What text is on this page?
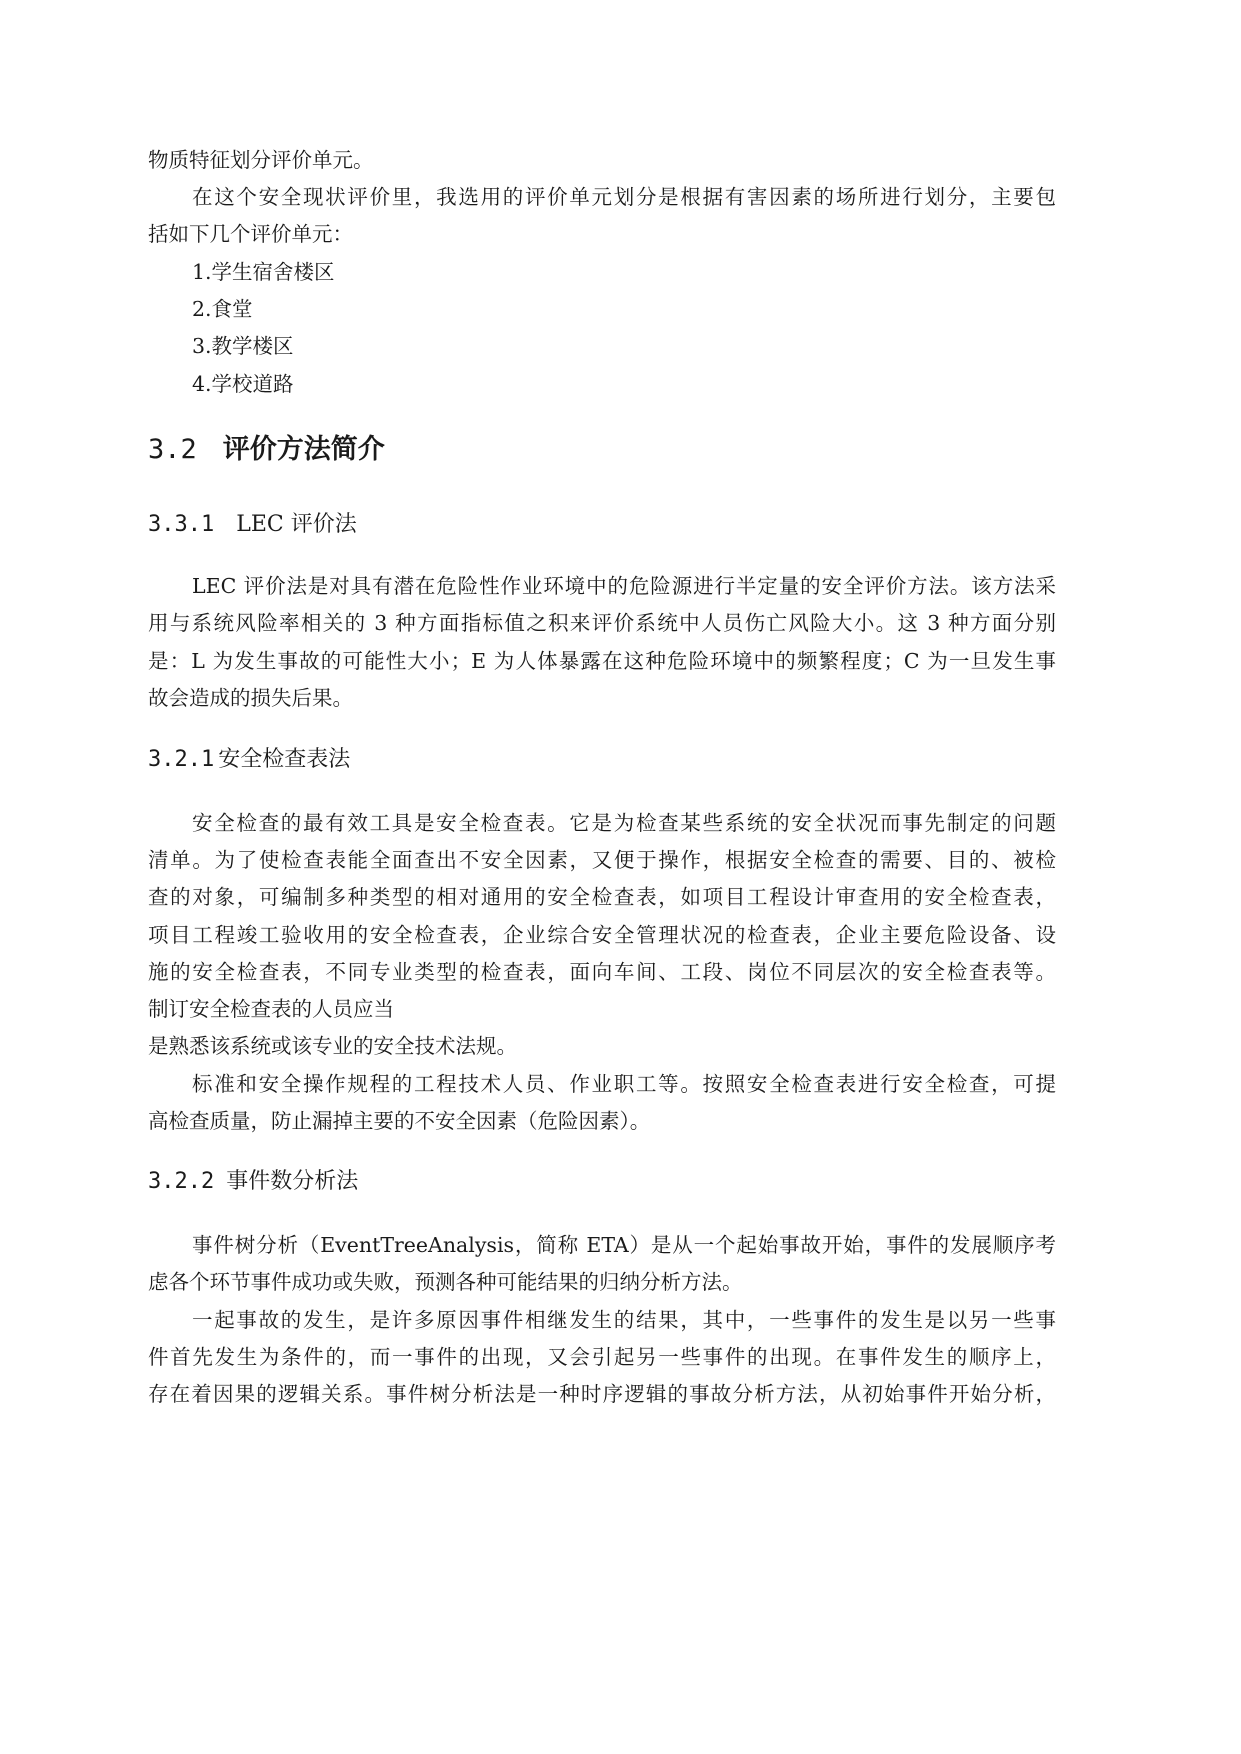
物质特征划分评价单元。
在这个安全现状评价里，我选用的评价单元划分是根据有害因素的场所进行划分，主要包
括如下几个评价单元：
1.学生宿舍楼区
2.食堂
3.教学楼区
4.学校道路
3.2 评价方法简介
3.3.1 LEC 评价法
LEC 评价法是对具有潜在危险性作业环境中的危险源进行半定量的安全评价方法。该方法采
用与系统风险率相关的 3 种方面指标值之积来评价系统中人员伤亡风险大小。这 3 种方面分别
是：L 为发生事故的可能性大小；E 为人体暴露在这种危险环境中的频繁程度；C 为一旦发生事
故会造成的损失后果。
3.2.1 安全检查表法
安全检查的最有效工具是安全检查表。它是为检查某些系统的安全状况而事先制定的问题
清单。为了使检查表能全面查出不安全因素，又便于操作，根据安全检查的需要、目的、被检
查的对象，可编制多种类型的相对通用的安全检查表，如项目工程设计审查用的安全检查表，
项目工程竣工验收用的安全检查表，企业综合安全管理状况的检查表，企业主要危险设备、设
施的安全检查表，不同专业类型的检查表，面向车间、工段、岗位不同层次的安全检查表等。
制订安全检查表的人员应当
是熟悉该系统或该专业的安全技术法规。
标准和安全操作规程的工程技术人员、作业职工等。按照安全检查表进行安全检查，可提
高检查质量，防止漏掉主要的不安全因素（危险因素）。
3.2.2 事件数分析法
事件树分析（EventTreeAnalysis，简称 ETA）是从一个起始事故开始，事件的发展顺序考
虑各个环节事件成功或失败，预测各种可能结果的归纳分析方法。
一起事故的发生，是许多原因事件相继发生的结果，其中，一些事件的发生是以另一些事
件首先发生为条件的，而一事件的出现，又会引起另一些事件的出现。在事件发生的顺序上，
存在着因果的逻辑关系。事件树分析法是一种时序逻辑的事故分析方法，从初始事件开始分析，
